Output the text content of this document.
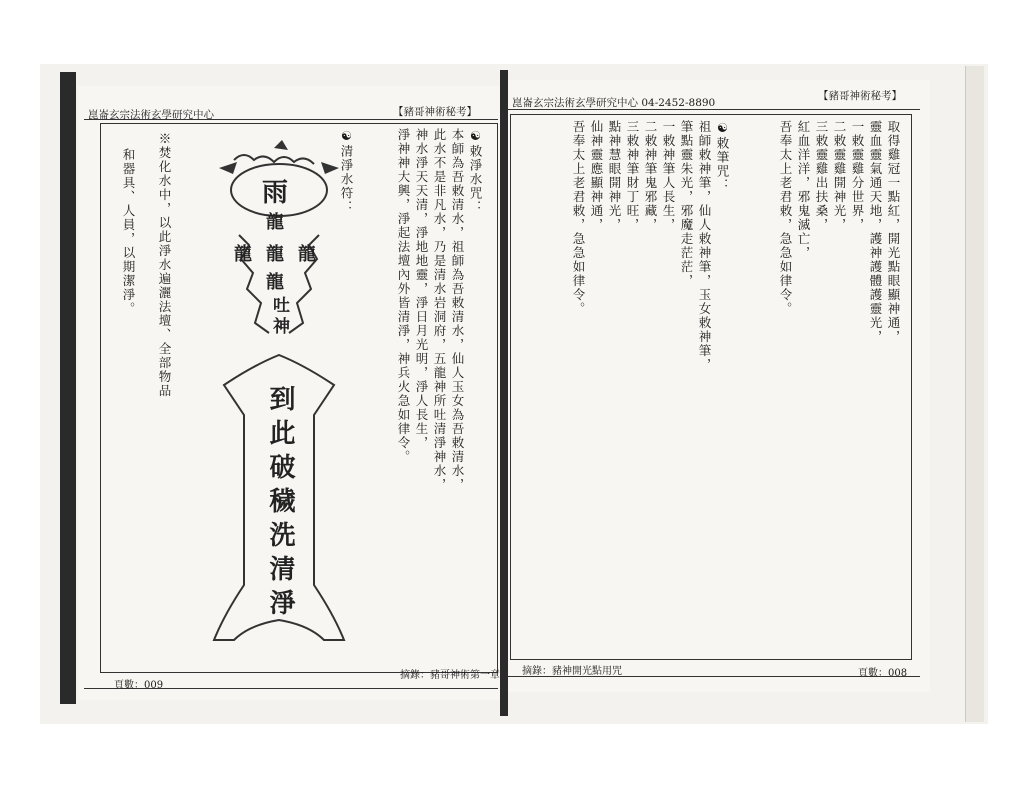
崑崙玄宗法術玄學研究中心	【豬哥神術秘考】
☯敕淨水咒：
本師為吾敕清水，祖師為吾敕清水，仙人玉女為吾敕清水，
此水不是非凡水，乃是清水岩洞府，五龍神所吐清淨神水，
神水淨天天清，淨地地靈，淨日月光明，淨人長生，
淨神神大興，淨起法壇內外皆清淨，神兵火急如律令。
☯清淨水符：
雨
龍
龍 龍 龍
龍
吐神
到此破穢洗清淨
※焚化水中，以此淨水遍灑法壇、全部物品
和器具、人員，以期潔淨。
頁數：009
摘錄：豬哥神術第一章
崑崙玄宗法術玄學研究中心 04-2452-8890
【豬哥神術秘考】
取得雞冠一點紅，開光點眼顯神通，
靈血靈氣通天地，護神護體護靈光，
一敕靈雞分世界，
二敕靈雞開神光，
三敕靈雞出扶桑，
紅血洋洋，邪鬼滅亡，
吾奉太上老君敕，急急如律令。
☯敕筆咒：
祖師敕神筆，仙人敕神筆，玉女敕神筆，
筆點靈朱光，邪魔走茫茫，
一敕神筆人長生，
二敕神筆鬼邪藏，
三敕神筆財丁旺，
點神慧眼開神光，
仙神靈應顯神通，
吾奉太上老君敕，急急如律令。
摘錄：豬神開光點用咒	頁數：008
